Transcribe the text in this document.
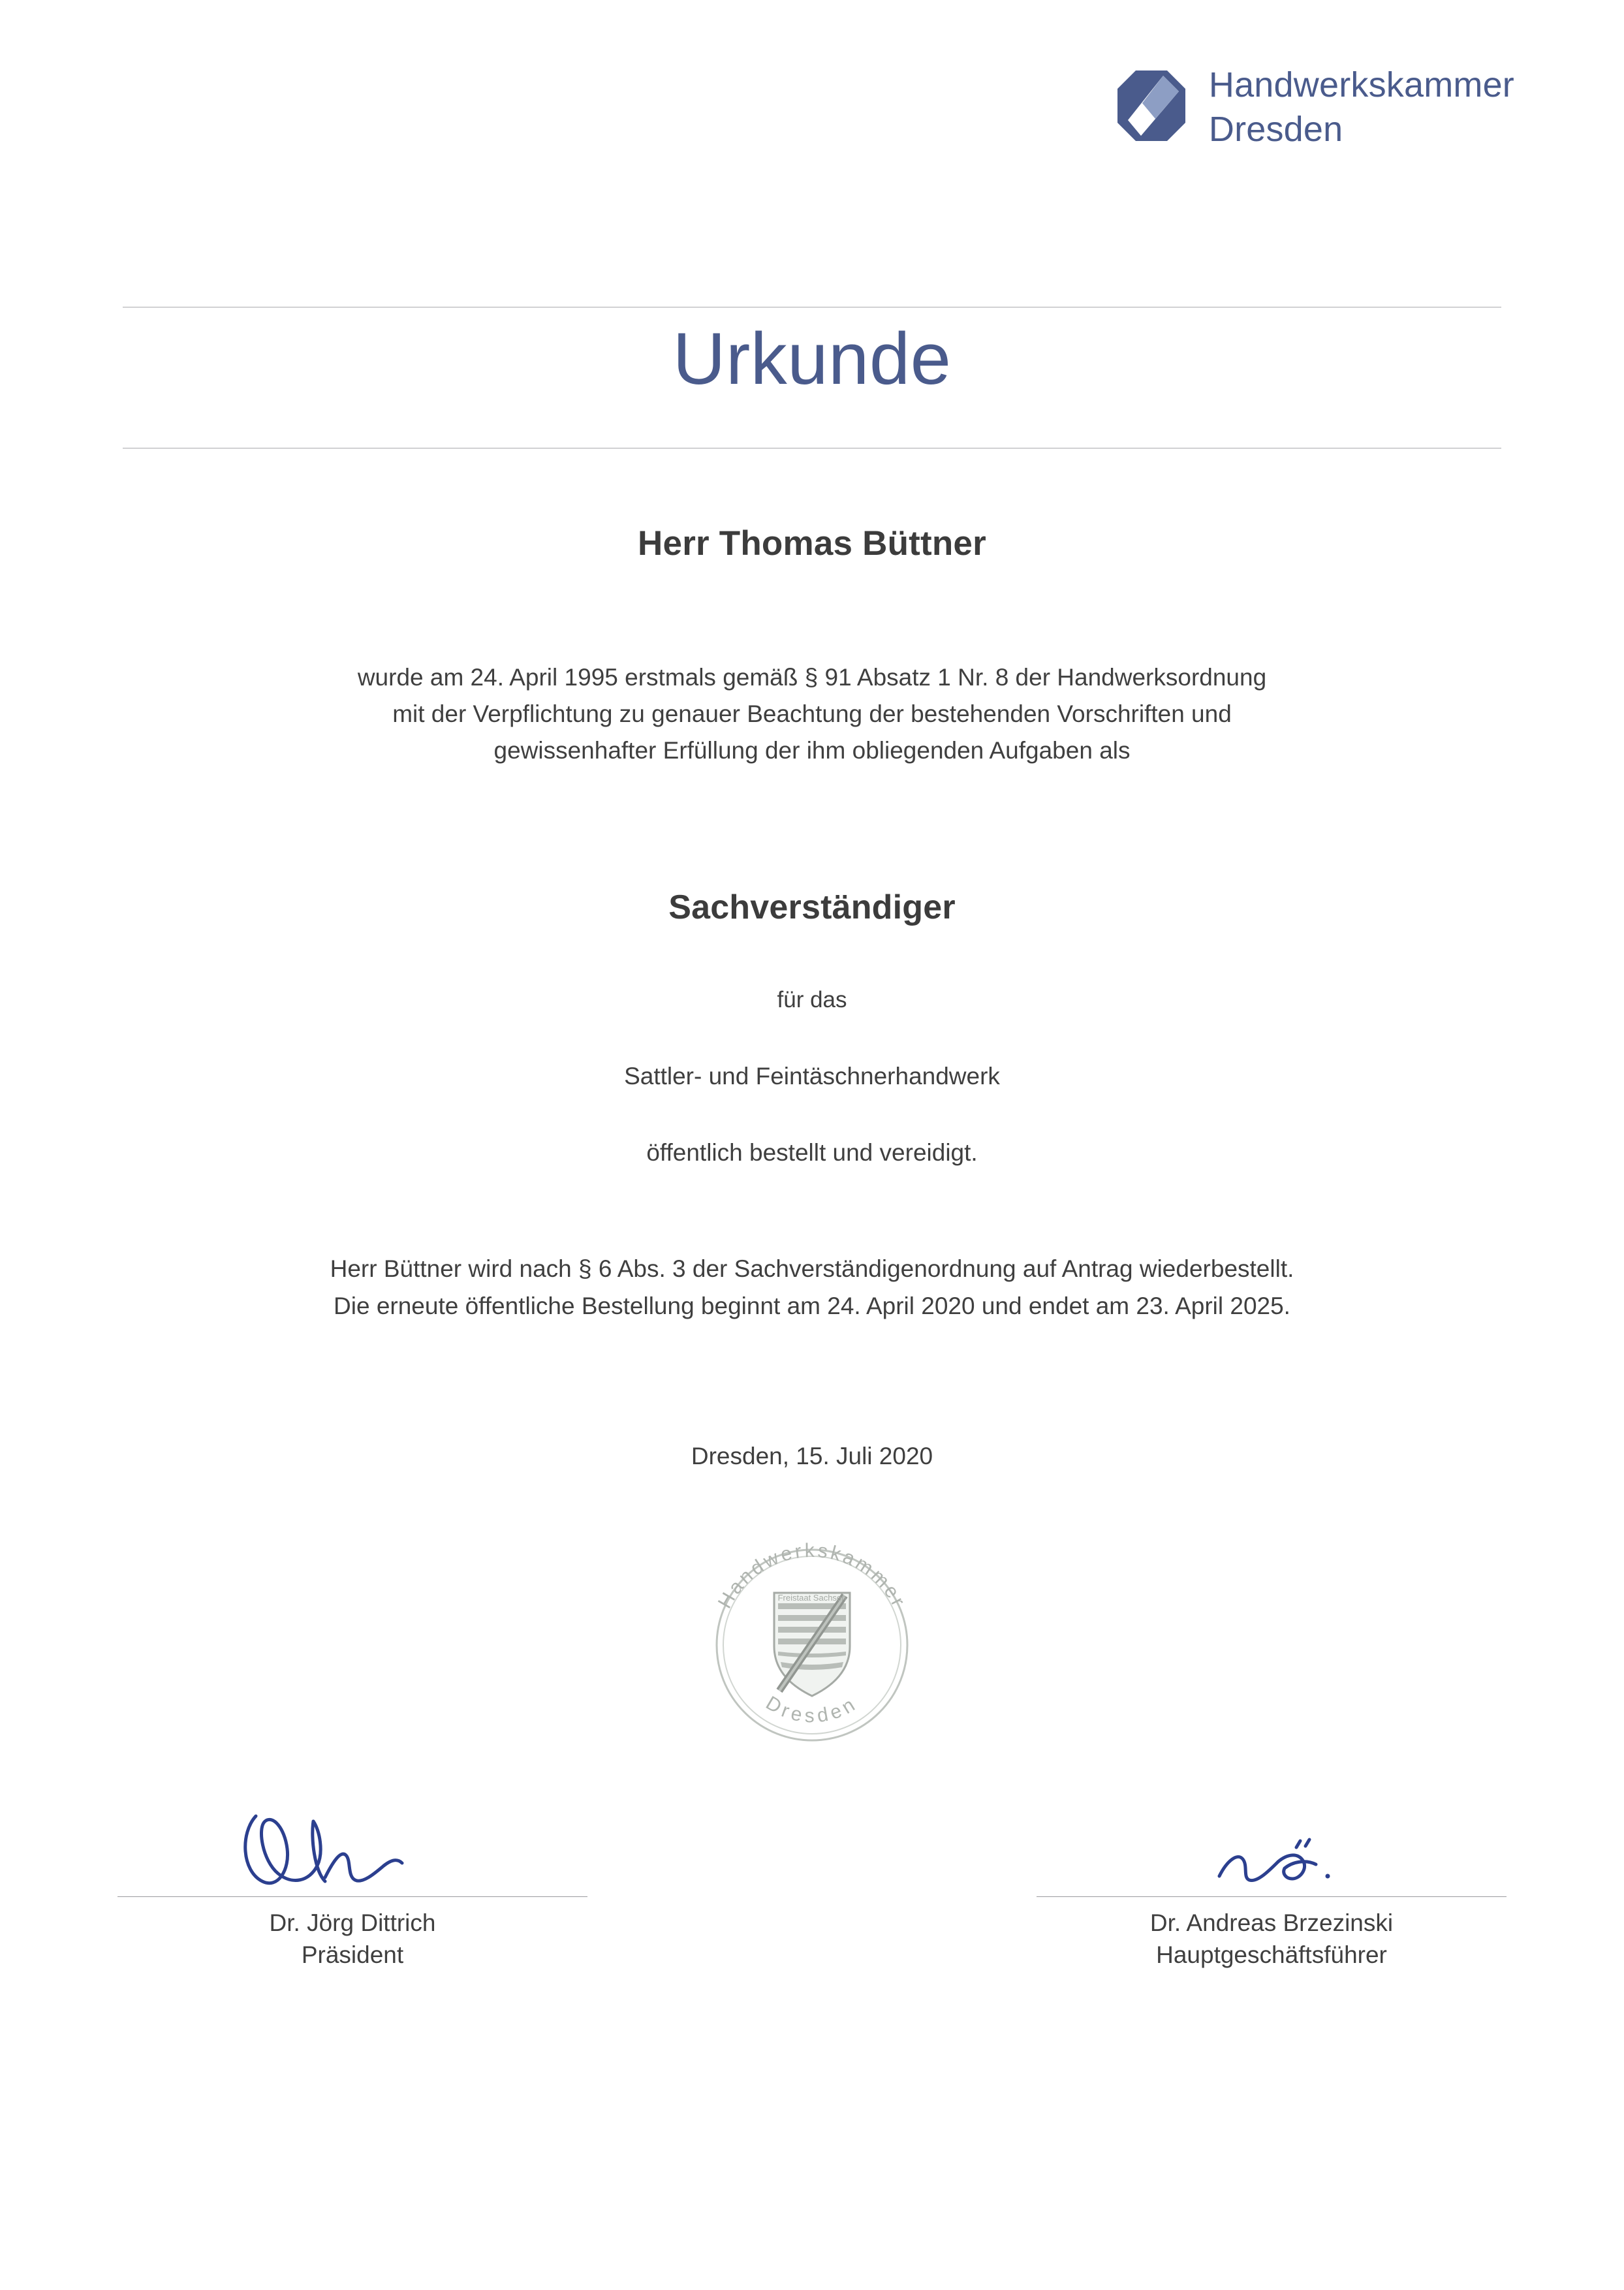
Handwerkskammer
Dresden
Urkunde
Herr Thomas Büttner
wurde am 24. April 1995 erstmals gemäß § 91 Absatz 1 Nr. 8 der Handwerksordnung
mit der Verpflichtung zu genauer Beachtung der bestehenden Vorschriften und
gewissenhafter Erfüllung der ihm obliegenden Aufgaben als
Sachverständiger
für das
Sattler- und Feintäschnerhandwerk
öffentlich bestellt und vereidigt.
Herr Büttner wird nach § 6 Abs. 3 der Sachverständigenordnung auf Antrag wiederbestellt.
Die erneute öffentliche Bestellung beginnt am 24. April 2020 und endet am 23. April 2025.
Dresden, 15. Juli 2020
Handwerkskammer
Dresden
Freistaat Sachsen
Dr. Jörg Dittrich
Präsident
Dr. Andreas Brzezinski
Hauptgeschäftsführer
